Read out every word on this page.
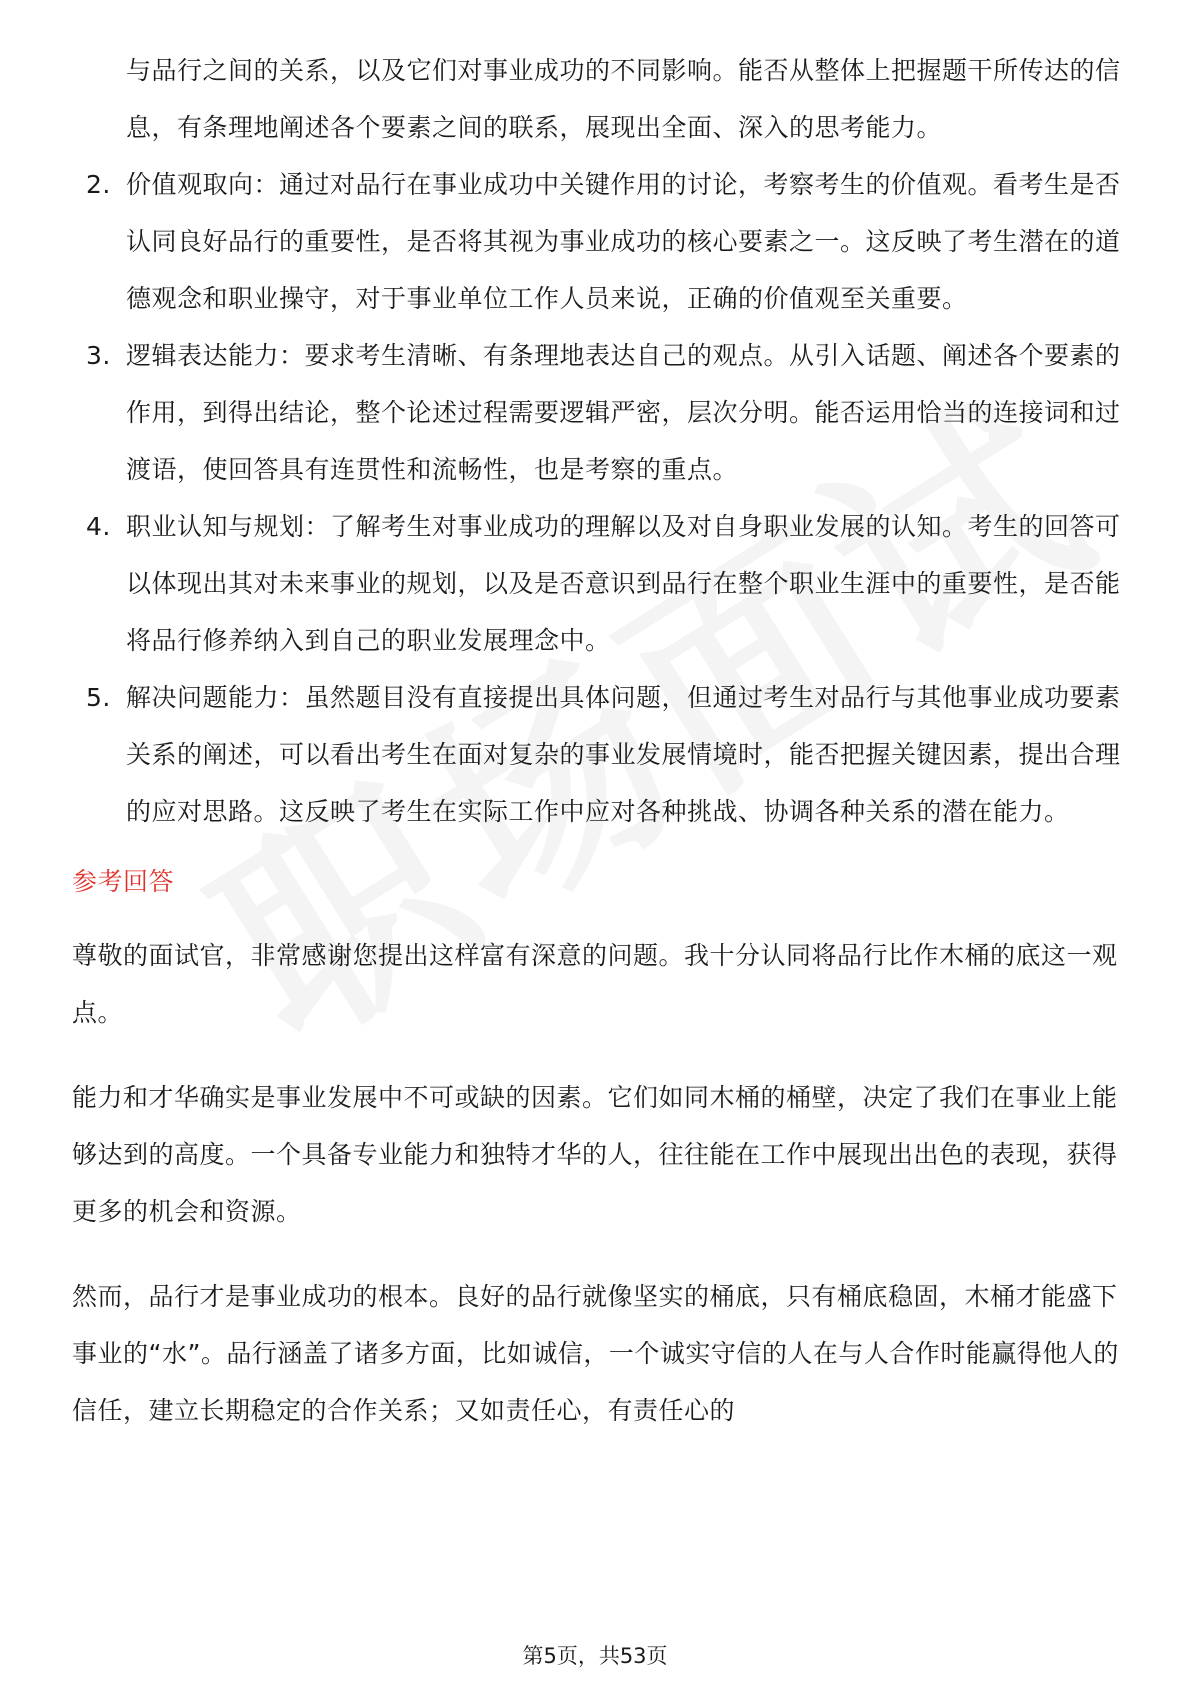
与品行之间的关系，以及它们对事业成功的不同影响。能否从整体上把握题干所传达的信息，有条理地阐述各个要素之间的联系，展现出全面、深入的思考能力。

2. 价值观取向：通过对品行在事业成功中关键作用的讨论，考察考生的价值观。看考生是否认同良好品行的重要性，是否将其视为事业成功的核心要素之一。这反映了考生潜在的道德观念和职业操守，对于事业单位工作人员来说，正确的价值观至关重要。
3. 逻辑表达能力：要求考生清晰、有条理地表达自己的观点。从引入话题、阐述各个要素的作用，到得出结论，整个论述过程需要逻辑严密，层次分明。能否运用恰当的连接词和过渡语，使回答具有连贯性和流畅性，也是考察的重点。
4. 职业认知与规划：了解考生对事业成功的理解以及对自身职业发展的认知。考生的回答可以体现出其对未来事业的规划，以及是否意识到品行在整个职业生涯中的重要性，是否能将品行修养纳入到自己的职业发展理念中。
5. 解决问题能力：虽然题目没有直接提出具体问题，但通过考生对品行与其他事业成功要素关系的阐述，可以看出考生在面对复杂的事业发展情境时，能否把握关键因素，提出合理的应对思路。这反映了考生在实际工作中应对各种挑战、协调各种关系的潜在能力。
参考回答

尊敬的面试官，非常感谢您提出这样富有深意的问题。我十分认同将品行比作木桶的底这一观点。

能力和才华确实是事业发展中不可或缺的因素。它们如同木桶的桶壁，决定了我们在事业上能够达到的高度。一个具备专业能力和独特才华的人，往往能在工作中展现出出色的表现，获得更多的机会和资源。

然而，品行才是事业成功的根本。良好的品行就像坚实的桶底，只有桶底稳固，木桶才能盛下事业的“水”。品行涵盖了诸多方面，比如诚信，一个诚实守信的人在与人合作时能赢得他人的信任，建立长期稳定的合作关系；又如责任心，有责任心的

第5页，共53页
